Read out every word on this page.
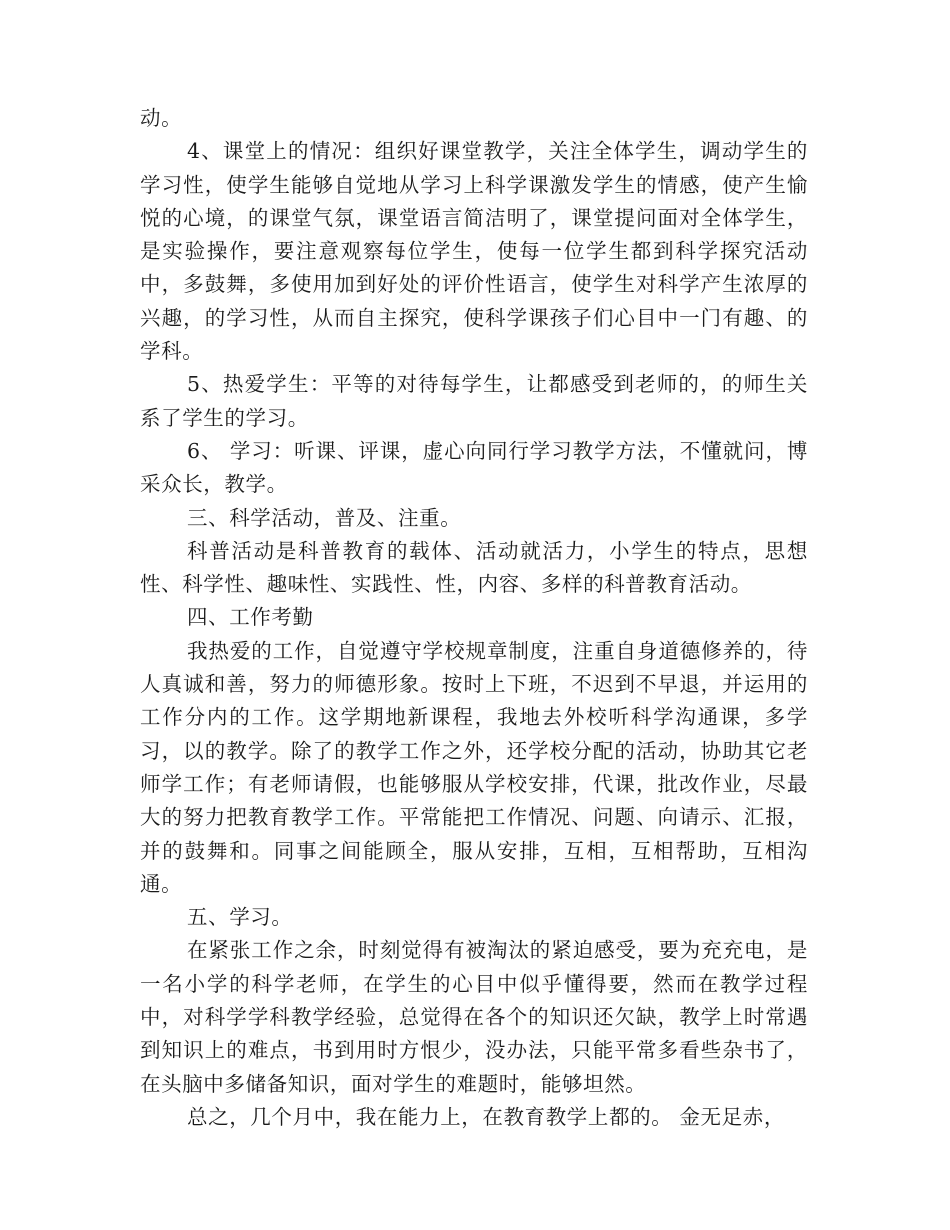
动。

4、课堂上的情况：组织好课堂教学，关注全体学生，调动学生的学习性，使学生能够自觉地从学习上科学课激发学生的情感，使产生愉悦的心境，的课堂气氛，课堂语言简洁明了，课堂提问面对全体学生，是实验操作，要注意观察每位学生，使每一位学生都到科学探究活动中，多鼓舞，多使用加到好处的评价性语言，使学生对科学产生浓厚的兴趣，的学习性，从而自主探究，使科学课孩子们心目中一门有趣、的学科。

5、热爱学生：平等的对待每学生，让都感受到老师的，的师生关系了学生的学习。

6、 学习：听课、评课，虚心向同行学习教学方法，不懂就问，博采众长，教学。

三、科学活动，普及、注重。

科普活动是科普教育的载体、活动就活力，小学生的特点，思想性、科学性、趣味性、实践性、性，内容、多样的科普教育活动。

四、工作考勤

我热爱的工作，自觉遵守学校规章制度，注重自身道德修养的，待人真诚和善，努力的师德形象。按时上下班，不迟到不早退，并运用的工作分内的工作。这学期地新课程，我地去外校听科学沟通课，多学习，以的教学。除了的教学工作之外，还学校分配的活动，协助其它老师学工作；有老师请假，也能够服从学校安排，代课，批改作业，尽最大的努力把教育教学工作。平常能把工作情况、问题、向请示、汇报，并的鼓舞和。同事之间能顾全，服从安排，互相，互相帮助，互相沟通。

五、学习。

在紧张工作之余，时刻觉得有被淘汰的紧迫感受，要为充充电，是一名小学的科学老师，在学生的心目中似乎懂得要，然而在教学过程中，对科学学科教学经验，总觉得在各个的知识还欠缺，教学上时常遇到知识上的难点，书到用时方恨少，没办法，只能平常多看些杂书了，在头脑中多储备知识，面对学生的难题时，能够坦然。

总之，几个月中，我在能力上，在教育教学上都的。 金无足赤，
